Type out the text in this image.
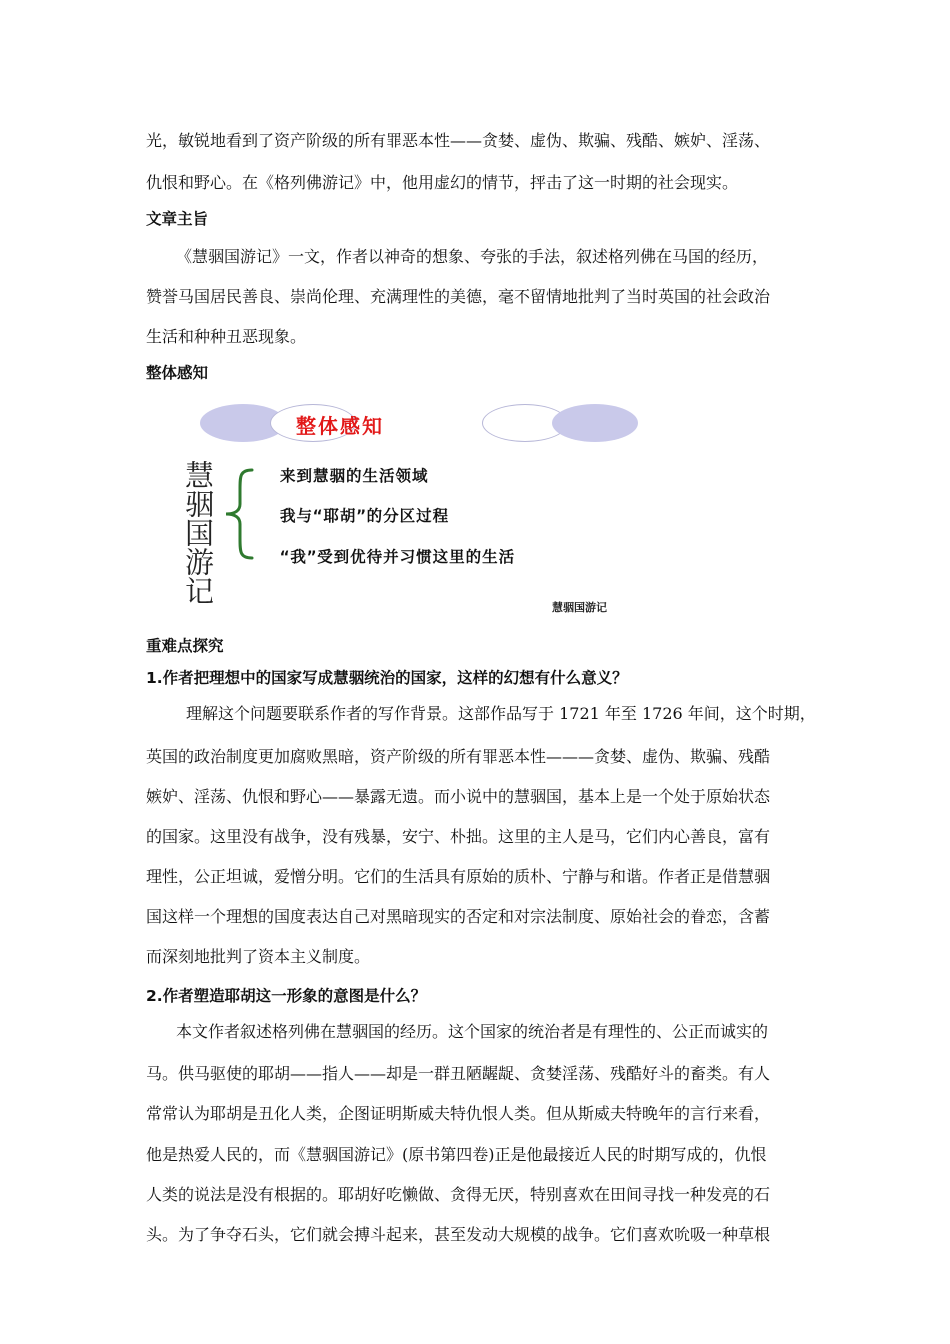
光，敏锐地看到了资产阶级的所有罪恶本性——贪婪、虚伪、欺骗、残酷、嫉妒、淫荡、
仇恨和野心。在《格列佛游记》中，他用虚幻的情节，抨击了这一时期的社会现实。
文章主旨
《慧骃国游记》一文，作者以神奇的想象、夸张的手法，叙述格列佛在马国的经历，
赞誉马国居民善良、崇尚伦理、充满理性的美德，毫不留情地批判了当时英国的社会政治
生活和种种丑恶现象。
整体感知
整体感知
慧骃国游记	来到慧骃的生活领域
我与“耶胡”的分区过程
“我”受到优待并习惯这里的生活
慧骃国游记
重难点探究
1.作者把理想中的国家写成慧骃统治的国家，这样的幻想有什么意义？
理解这个问题要联系作者的写作背景。这部作品写于 1721 年至 1726 年间，这个时期，
英国的政治制度更加腐败黑暗，资产阶级的所有罪恶本性———贪婪、虚伪、欺骗、残酷
嫉妒、淫荡、仇恨和野心——暴露无遗。而小说中的慧骃国，基本上是一个处于原始状态
的国家。这里没有战争，没有残暴，安宁、朴拙。这里的主人是马，它们内心善良，富有
理性，公正坦诚，爱憎分明。它们的生活具有原始的质朴、宁静与和谐。作者正是借慧骃
国这样一个理想的国度表达自己对黑暗现实的否定和对宗法制度、原始社会的眷恋，含蓄
而深刻地批判了资本主义制度。
2.作者塑造耶胡这一形象的意图是什么？
本文作者叙述格列佛在慧骃国的经历。这个国家的统治者是有理性的、公正而诚实的
马。供马驱使的耶胡——指人——却是一群丑陋龌龊、贪婪淫荡、残酷好斗的畜类。有人
常常认为耶胡是丑化人类，企图证明斯威夫特仇恨人类。但从斯威夫特晚年的言行来看，
他是热爱人民的，而《慧骃国游记》(原书第四卷)正是他最接近人民的时期写成的，仇恨
人类的说法是没有根据的。耶胡好吃懒做、贪得无厌，特别喜欢在田间寻找一种发亮的石
头。为了争夺石头，它们就会搏斗起来，甚至发动大规模的战争。它们喜欢吮吸一种草根
